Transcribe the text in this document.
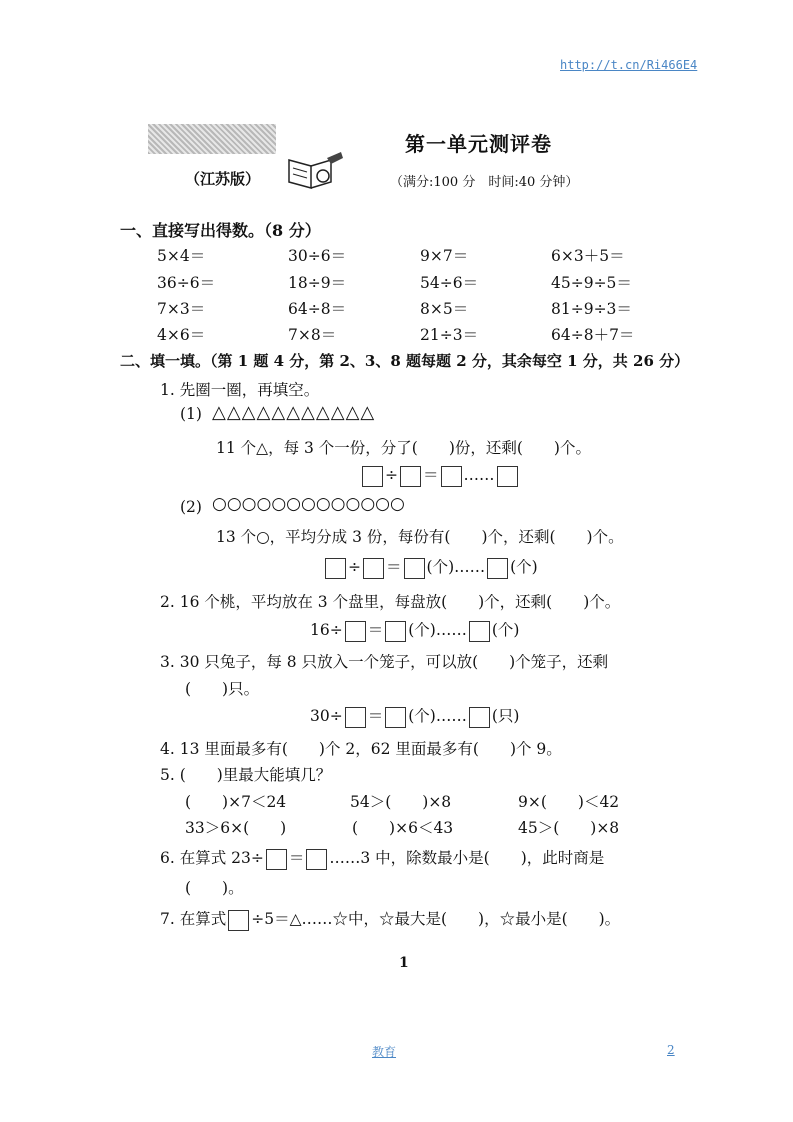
http://t.cn/Ri466E4
第一单元测评卷
（江苏版）	（满分:100 分　时间:40 分钟）
一、直接写出得数。（8 分）
5×4＝	30÷6＝	9×7＝	6×3＋5＝
36÷6＝	18÷9＝	54÷6＝	45÷9÷5＝
7×3＝	64÷8＝	8×5＝	81÷9÷3＝
4×6＝	7×8＝	21÷3＝	64÷8＋7＝
二、填一填。（第 1 题 4 分，第 2、3、8 题每题 2 分，其余每空 1 分，共 26 分）
1. 先圈一圈，再填空。
(1) △△△△△△△△△△△
11 个△，每 3 个一份，分了(　　)份，还剩(　　)个。
÷ ＝ ……
(2) ○○○○○○○○○○○○○
13 个○，平均分成 3 份，每份有(　　)个，还剩(　　)个。
÷ ＝ (个)…… (个)
2. 16 个桃，平均放在 3 个盘里，每盘放(　　)个，还剩(　　)个。
16÷ ＝ (个)…… (个)
3. 30 只兔子，每 8 只放入一个笼子，可以放(　　)个笼子，还剩
(　　)只。
30÷ ＝ (个)…… (只)
4. 13 里面最多有(　　)个 2，62 里面最多有(　　)个 9。
5. (　　)里最大能填几？
(　　)×7＜24	54＞(　　)×8	9×(　　)＜42
33＞6×(　　)	(　　)×6＜43	45＞(　　)×8
6. 在算式 23÷ ＝ ……3 中，除数最小是(　　)，此时商是
(　　)。
7. 在算式 ÷5＝△……☆中，☆最大是(　　)，☆最小是(　　)。
1
教育	2
